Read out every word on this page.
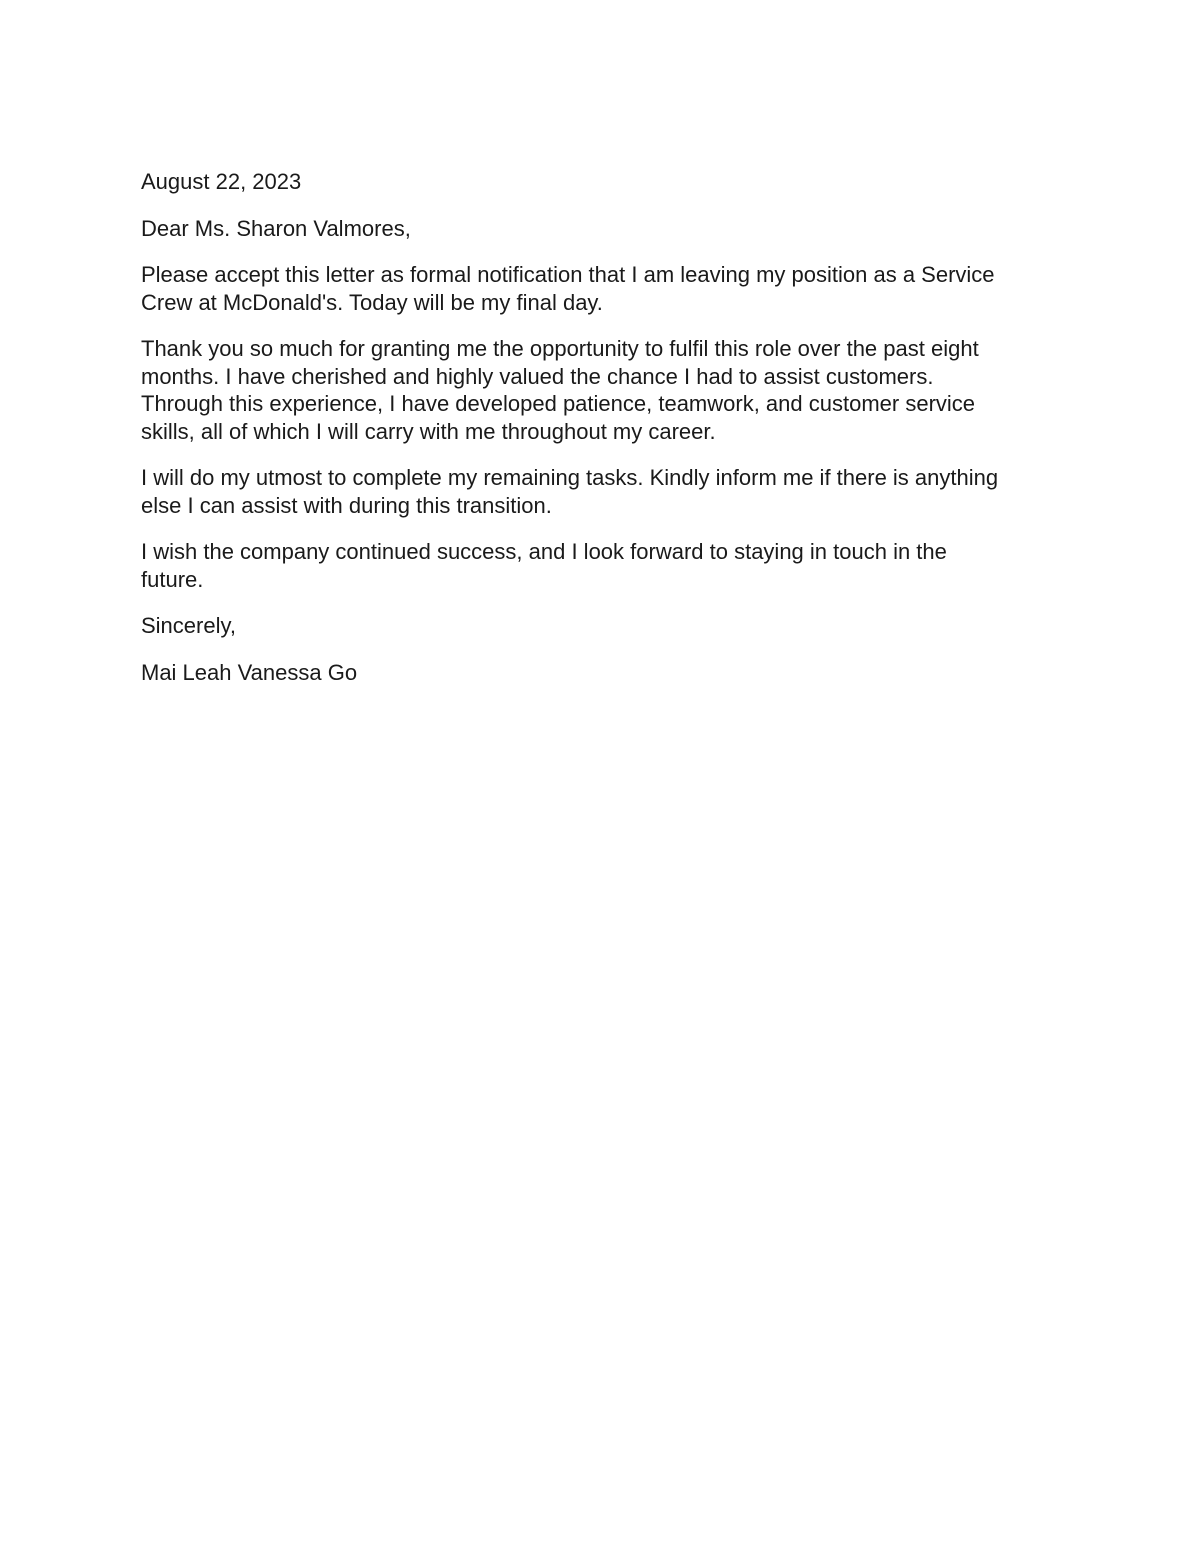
August 22, 2023

Dear Ms. Sharon Valmores,

Please accept this letter as formal notification that I am leaving my position as a Service
Crew at McDonald's. Today will be my final day.

Thank you so much for granting me the opportunity to fulfil this role over the past eight
months. I have cherished and highly valued the chance I had to assist customers.
Through this experience, I have developed patience, teamwork, and customer service
skills, all of which I will carry with me throughout my career.

I will do my utmost to complete my remaining tasks. Kindly inform me if there is anything
else I can assist with during this transition.

I wish the company continued success, and I look forward to staying in touch in the
future.

Sincerely,

Mai Leah Vanessa Go
